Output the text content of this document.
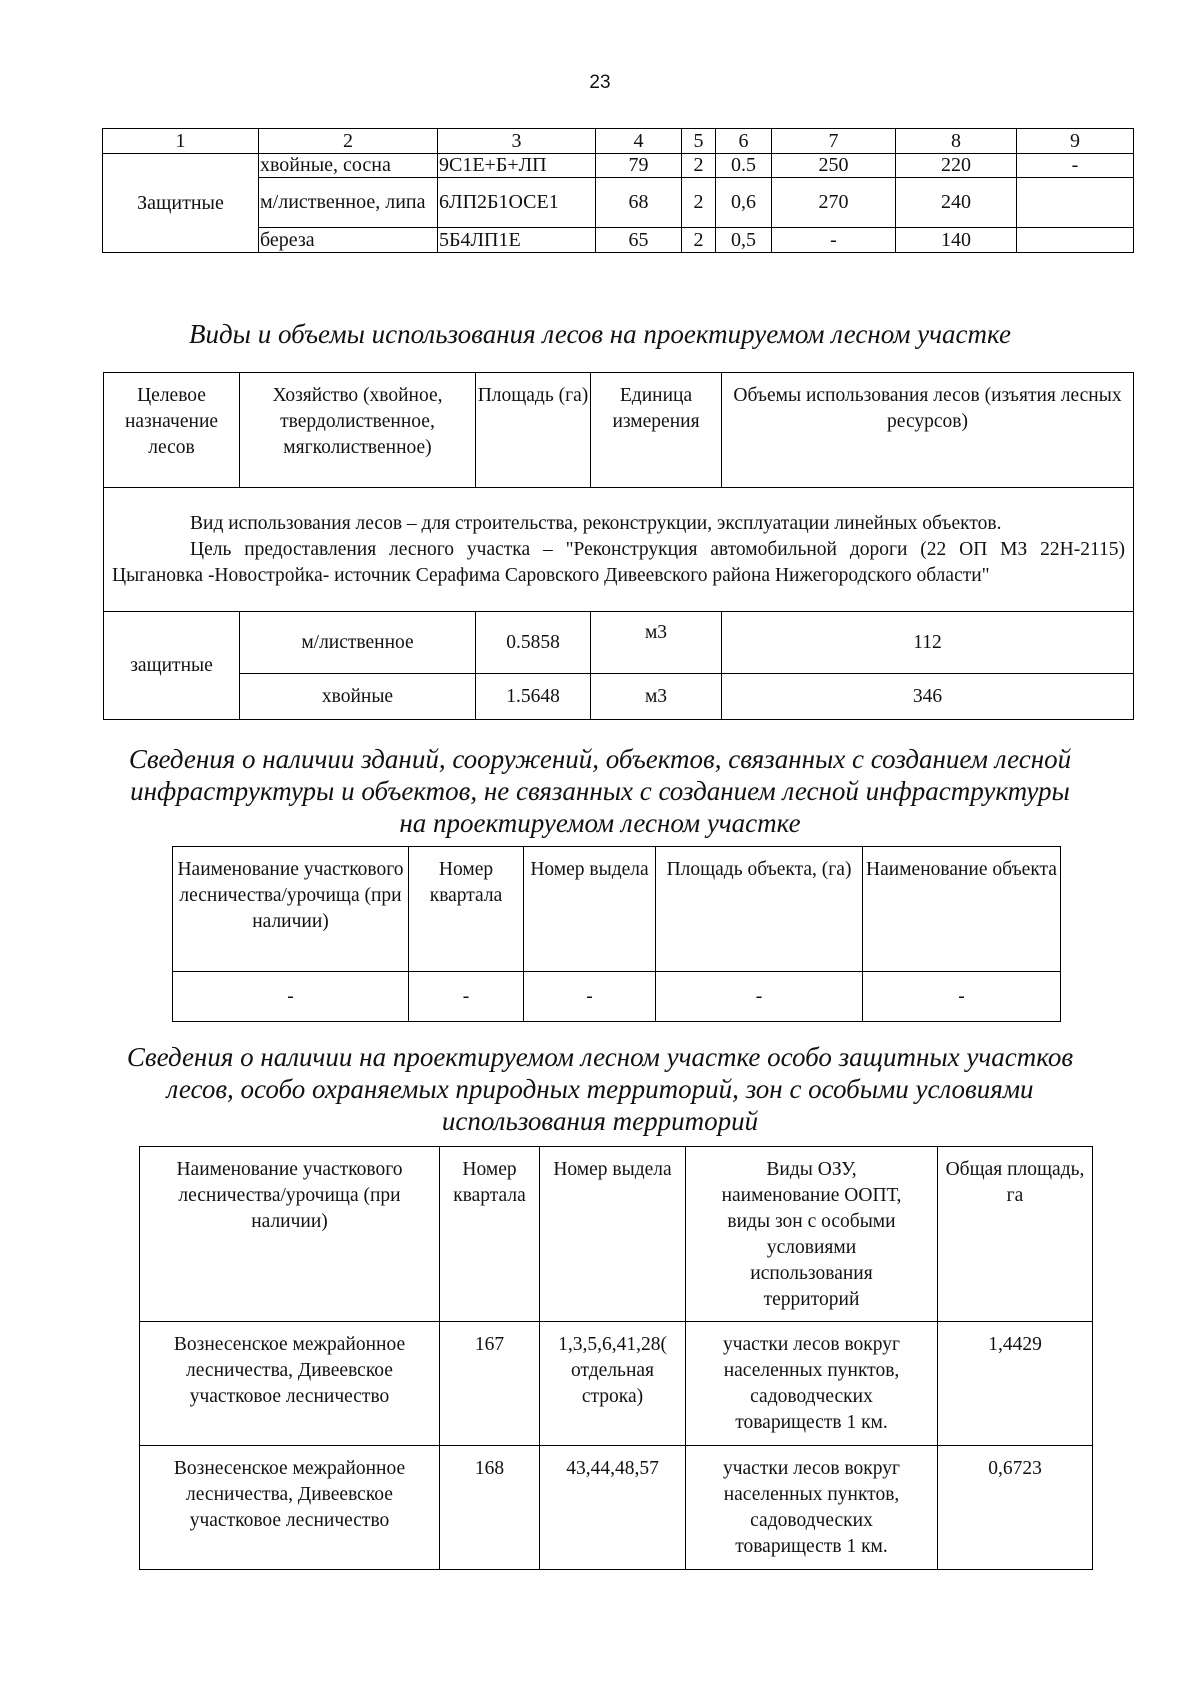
23
1	2	3	4	5	6	7	8	9
Защитные	хвойные, сосна	9С1Е+Б+ЛП	79	2	0.5	250	220	-
	м/лиственное, липа	6ЛП2Б1ОСЕ1	68	2	0,6	270	240	
	береза	5Б4ЛП1Е	65	2	0,5	-	140	
Виды и объемы использования лесов на проектируемом лесном участке
Целевое назначение лесов	Хозяйство (хвойное, твердолиственное, мягколиственное)	Площадь (га)	Единица измерения	Объемы использования лесов (изъятия лесных ресурсов)

Вид использования лесов – для строительства, реконструкции, эксплуатации линейных объектов.
Цель предоставления лесного участка – "Реконструкция автомобильной дороги (22 ОП МЗ 22Н-2115) Цыгановка -Новостройка- источник Серафима Саровского Дивеевского района Нижегородского области"				

защитные	м/лиственное	0.5858	м3	112
	хвойные	1.5648	м3	346
Сведения о наличии зданий, сооружений, объектов, связанных с созданием лесной
инфраструктуры и объектов, не связанных с созданием лесной инфраструктуры
на проектируемом лесном участке
Наименование участкового лесничества/урочища (при наличии)	Номер квартала	Номер выдела	Площадь объекта, (га)	Наименование объекта
-	-	-	-	-
Сведения о наличии на проектируемом лесном участке особо защитных участков
лесов, особо охраняемых природных территорий, зон с особыми условиями
использования территорий
Наименование участкового лесничества/урочища (при наличии)	Номер квартала	Номер выдела	Виды ОЗУ, наименование ООПТ, виды зон с особыми условиями использования территорий	Общая площадь, га
Вознесенское межрайонное лесничества, Дивеевское участковое лесничество	167	1,3,5,6,41,28( отдельная строка)	участки лесов вокруг населенных пунктов, садоводческих товариществ 1 км.	1,4429
Вознесенское межрайонное лесничества, Дивеевское участковое лесничество	168	43,44,48,57	участки лесов вокруг населенных пунктов, садоводческих товариществ 1 км.	0,6723
